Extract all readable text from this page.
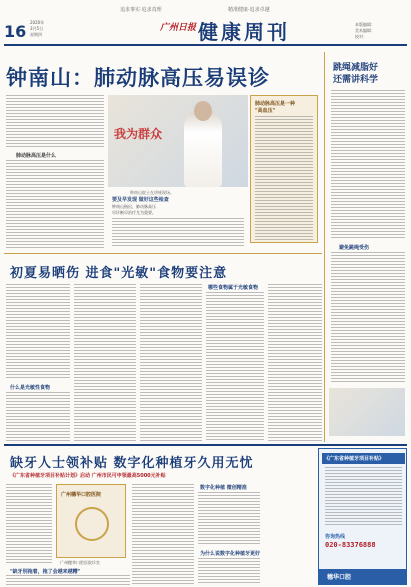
16 2020年
3月5日
星期四
追求事实·追求真理	精准健康·追求卓越
广州日报 健康周刊	本版编辑：
美术编辑：
校对：
钟南山：肺动脉高压易误诊
我为群众
钟南山院士在讲座现场。
肺动脉高压是什么
肺动脉高压是一种
"高血压"
要及早发现 做好这些检查
钟南山指出，肺动脉高压
早诊断早治疗尤为重要。
跳绳减脂好
还需讲科学
避免跳绳受伤
初夏易晒伤 进食"光敏"食物要注意
什么是光敏性食物
哪些食物属于光敏食物
缺牙人士领补贴 数字化种植牙久用无忧
《广东省种植牙项目补贴计划》启动 广州市民可申领最高5000元补贴
广州穗华口腔医院
广州穗华口腔医院诊室
"缺牙别拖着，拖了会越来越糟"
数字化种植 微创精准
为什么说数字化种植牙更好
《广东省种植牙项目补贴》
咨询热线
020-83376888
穗华口腔
